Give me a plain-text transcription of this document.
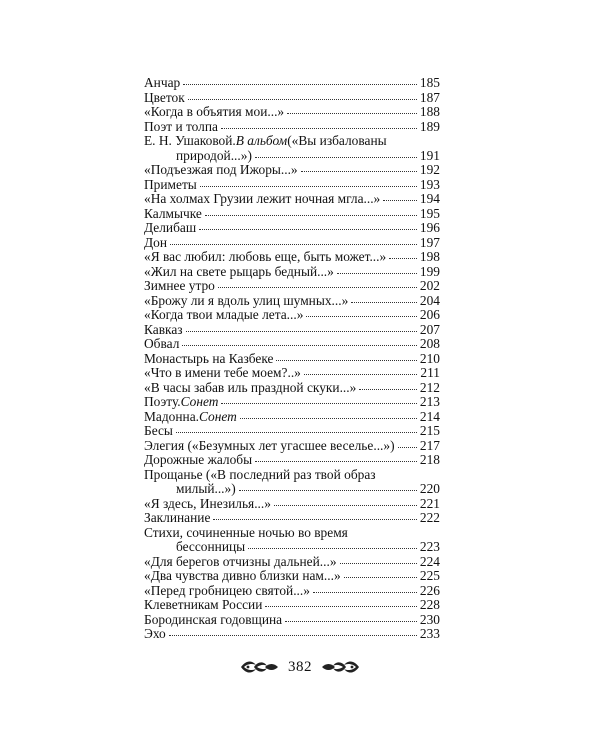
Анчар	185
Цветок	187
«Когда в объятия мои...»	188
Поэт и толпа	189
Е. Н. Ушаковой. В альбом («Вы избалованы
природой...»)	191
«Подъезжая под Ижоры...»	192
Приметы	193
«На холмах Грузии лежит ночная мгла...»	194
Калмычке	195
Делибаш	196
Дон	197
«Я вас любил: любовь еще, быть может...»	198
«Жил на свете рыцарь бедный...»	199
Зимнее утро	202
«Брожу ли я вдоль улиц шумных...»	204
«Когда твои младые лета...»	206
Кавказ	207
Обвал	208
Монастырь на Казбеке	210
«Что в имени тебе моем?..»	211
«В часы забав иль праздной скуки...»	212
Поэту. Сонет	213
Мадонна. Сонет	214
Бесы	215
Элегия («Безумных лет угасшее веселье...») 217
Дорожные жалобы	218
Прощанье («В последний раз твой образ
милый...»)	220
«Я здесь, Инезилья...»	221
Заклинание	222
Стихи, сочиненные ночью во время
бессонницы	223
«Для берегов отчизны дальней...»	224
«Два чувства дивно близки нам...»	225
«Перед гробницею святой...»	226
Клеветникам России	228
Бородинская годовщина	230
Эхо	233
382
